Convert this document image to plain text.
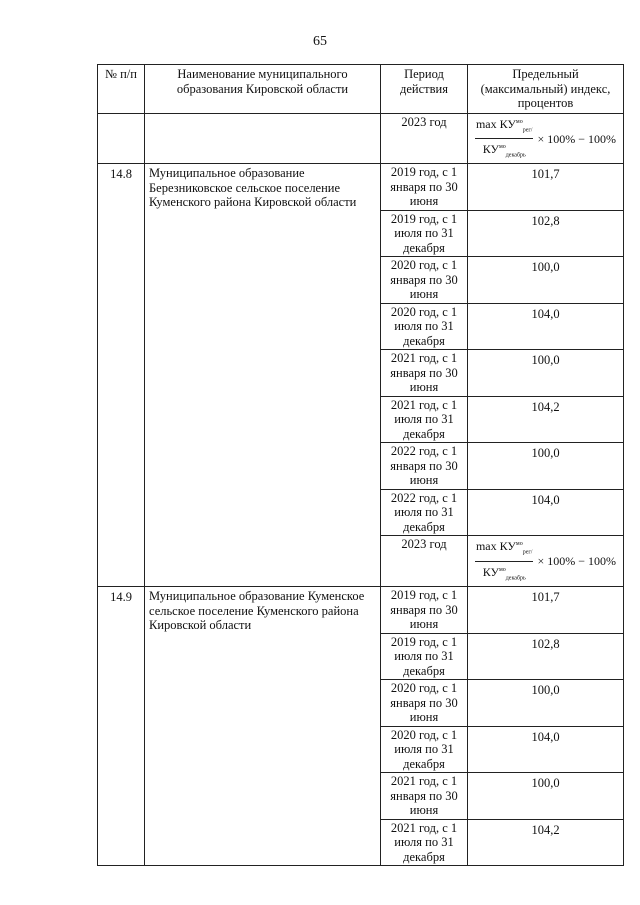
65
№ п/п	Наименование муниципального образования Кировской области	Период действия	Предельный (максимальный) индекс, процентов
		2023 год	$\frac{\max КУ^{мо}_{рег/}}{КУ^{мо}_{декабрь}} \times 100\% - 100\%$

14.8	Муниципальное образование Березниковское сельское поселение Куменского района Кировской области	2019 год, с 1 января по 30 июня	101,7
		2019 год, с 1 июля по 31 декабря	102,8
		2020 год, с 1 января по 30 июня	100,0
		2020 год, с 1 июля по 31 декабря	104,0
		2021 год, с 1 января по 30 июня	100,0
		2021 год, с 1 июля по 31 декабря	104,2
		2022 год, с 1 января по 30 июня	100,0
		2022 год, с 1 июля по 31 декабря	104,0
		2023 год	$\frac{\max КУ^{мо}_{рег/}}{КУ^{мо}_{декабрь}} \times 100\% - 100\%$

14.9	Муниципальное образование Куменское сельское поселение Куменского района Кировской области	2019 год, с 1 января по 30 июня	101,7
		2019 год, с 1 июля по 31 декабря	102,8
		2020 год, с 1 января по 30 июня	100,0
		2020 год, с 1 июля по 31 декабря	104,0
		2021 год, с 1 января по 30 июня	100,0
		2021 год, с 1 июля по 31 декабря	104,2
